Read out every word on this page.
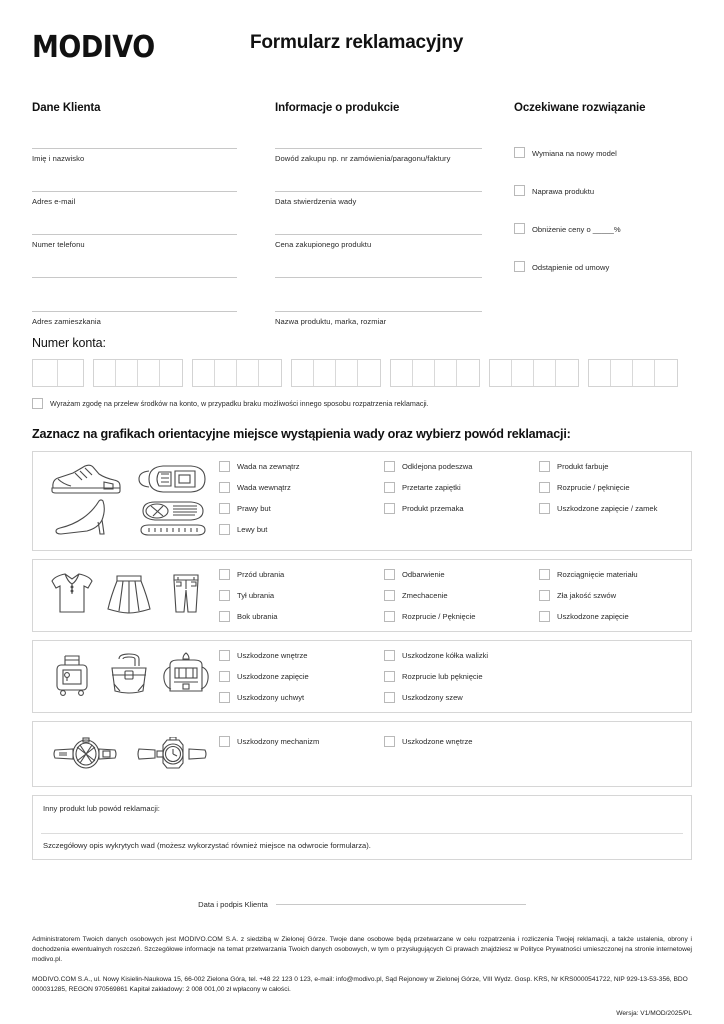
MODIVO	Formularz reklamacyjny
Dane Klienta
Imię i nazwisko
Adres e-mail
Numer telefonu
Adres zamieszkania
Informacje o produkcie
Dowód zakupu np. nr zamówienia/paragonu/faktury
Data stwierdzenia wady
Cena zakupionego produktu
Nazwa produktu, marka, rozmiar
Oczekiwane rozwiązanie
Wymiana na nowy model
Naprawa produktu
Obniżenie ceny o _____%
Odstąpienie od umowy
Numer konta:
Wyrażam zgodę na przelew środków na konto, w przypadku braku możliwości innego sposobu rozpatrzenia reklamacji.
Zaznacz na grafikach orientacyjne miejsce wystąpienia wady oraz wybierz powód reklamacji:
Wada na zewnątrz
Wada wewnątrz
Prawy but
Lewy but
Odklejona podeszwa
Przetarte zapiętki
Produkt przemaka
Produkt farbuje
Rozprucie / pęknięcie
Uszkodzone zapięcie / zamek
Przód ubrania
Tył ubrania
Bok ubrania
Odbarwienie
Zmechacenie
Rozprucie / Pęknięcie
Rozciągnięcie materiału
Zła jakość szwów
Uszkodzone zapięcie
Uszkodzone wnętrze
Uszkodzone zapięcie
Uszkodzony uchwyt
Uszkodzone kółka walizki
Rozprucie lub pęknięcie
Uszkodzony szew
Uszkodzony mechanizm	Uszkodzone wnętrze
Inny produkt lub powód reklamacji:
Szczegółowy opis wykrytych wad (możesz wykorzystać również miejsce na odwrocie formularza).
Data i podpis Klienta
Administratorem Twoich danych osobowych jest MODIVO.COM S.A. z siedzibą w Zielonej Górze. Twoje dane osobowe będą przetwarzane w celu rozpatrzenia i rozliczenia Twojej reklamacji, a także ustalenia, obrony i dochodzenia ewentualnych roszczeń. Szczegółowe informacje na temat przetwarzania Twoich danych osobowych, w tym o przysługujących Ci prawach znajdziesz w Polityce Prywatności umieszczonej na stronie internetowej modivo.pl.
MODIVO.COM S.A., ul. Nowy Kisielin-Naukowa 15, 66-002 Zielona Góra, tel. +48 22 123 0 123, e-mail: info@modivo.pl, Sąd Rejonowy w Zielonej Górze, VIII Wydz. Gosp. KRS, Nr KRS0000541722, NIP 929-13-53-356, BDO 000031285, REGON 970569861 Kapitał zakładowy: 2 008 001,00 zł wpłacony w całości.
Wersja: V1/MOD/2025/PL
